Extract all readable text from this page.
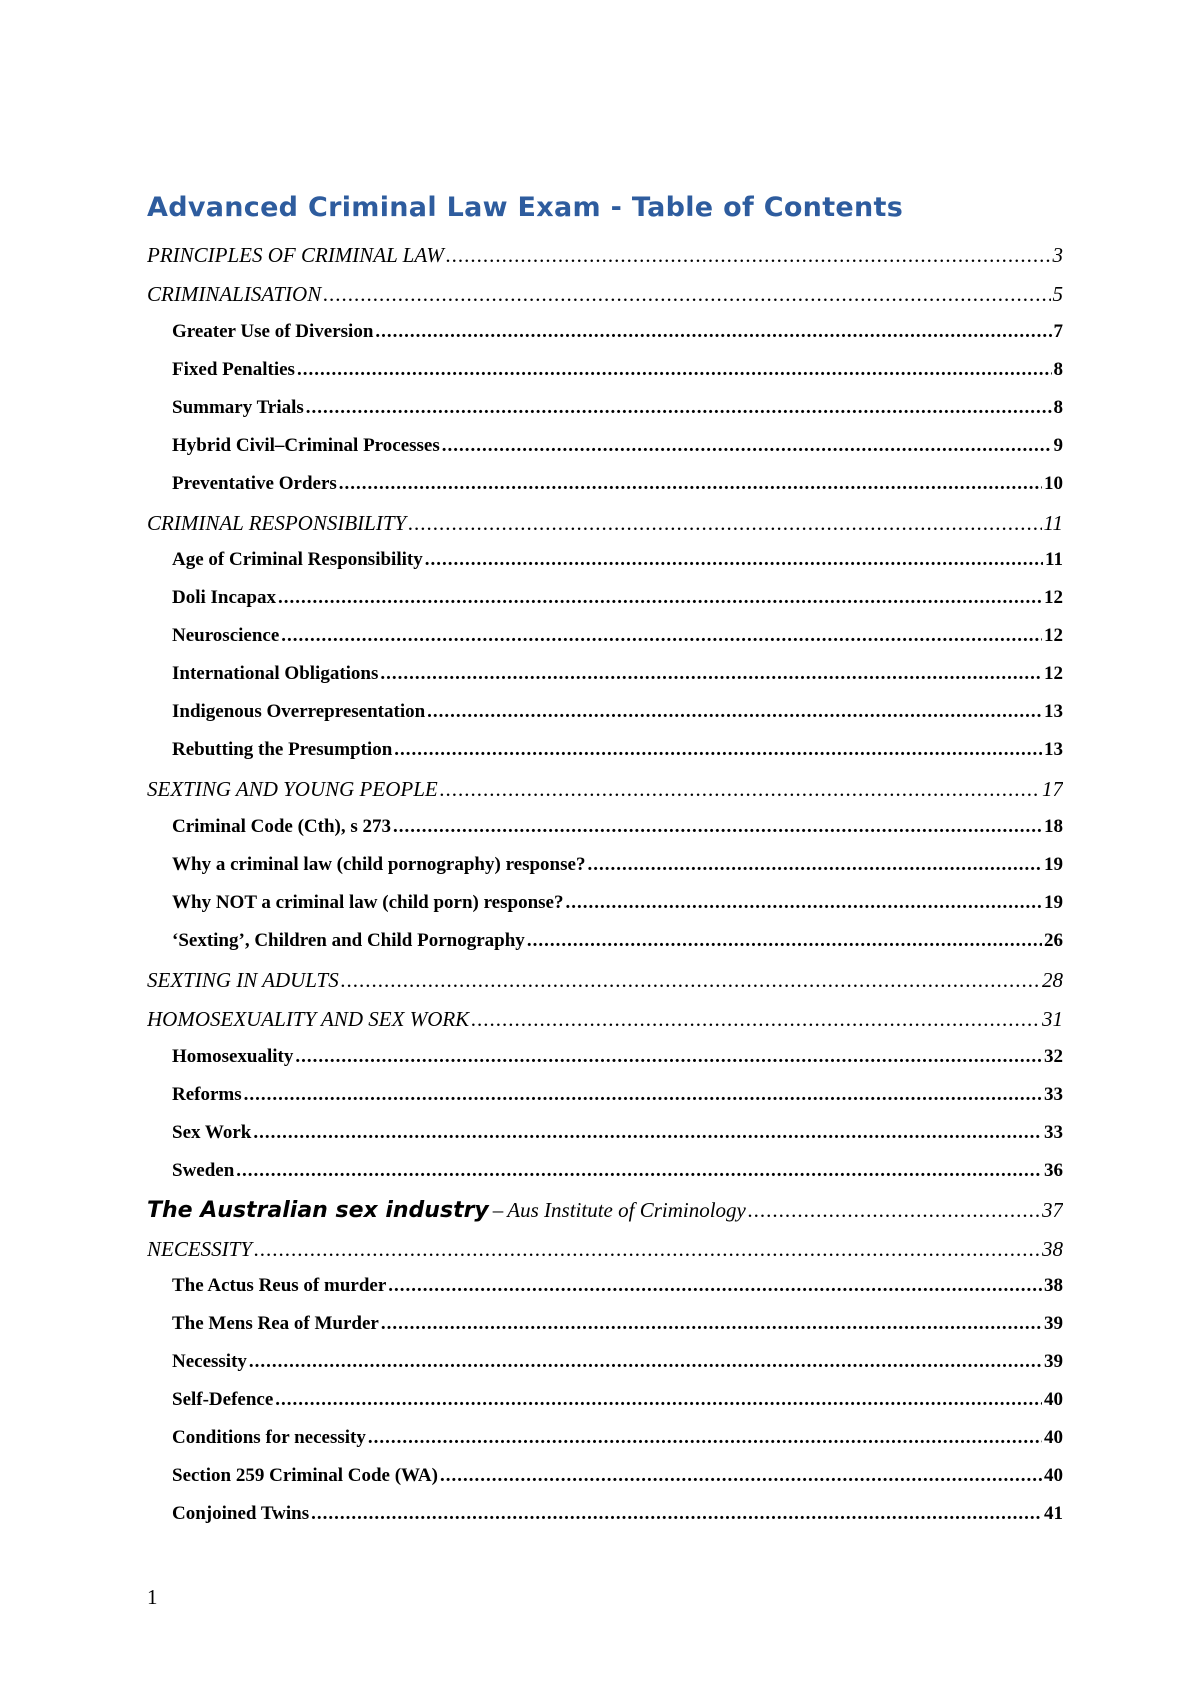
Advanced Criminal Law Exam - Table of Contents
PRINCIPLES OF CRIMINAL LAW .....	3
CRIMINALISATION .....	5
Greater Use of Diversion .....	7
Fixed Penalties .....	8
Summary Trials .....	8
Hybrid Civil–Criminal Processes .....	9
Preventative Orders .....	10
CRIMINAL RESPONSIBILITY .....	11
Age of Criminal Responsibility .....	11
Doli Incapax .....	12
Neuroscience .....	12
International Obligations .....	12
Indigenous Overrepresentation .....	13
Rebutting the Presumption .....	13
SEXTING AND YOUNG PEOPLE .....	17
Criminal Code (Cth), s 273 .....	18
Why a criminal law (child pornography) response? .....	19
Why NOT a criminal law (child porn) response? .....	19
‘Sexting’, Children and Child Pornography .....	26
SEXTING IN ADULTS .....	28
HOMOSEXUALITY AND SEX WORK .....	31
Homosexuality .....	32
Reforms .....	33
Sex Work .....	33
Sweden .....	36
The Australian sex industry – Aus Institute of Criminology .....	37
NECESSITY .....	38
The Actus Reus of murder .....	38
The Mens Rea of Murder .....	39
Necessity .....	39
Self-Defence .....	40
Conditions for necessity .....	40
Section 259 Criminal Code (WA) .....	40
Conjoined Twins .....	41
1
